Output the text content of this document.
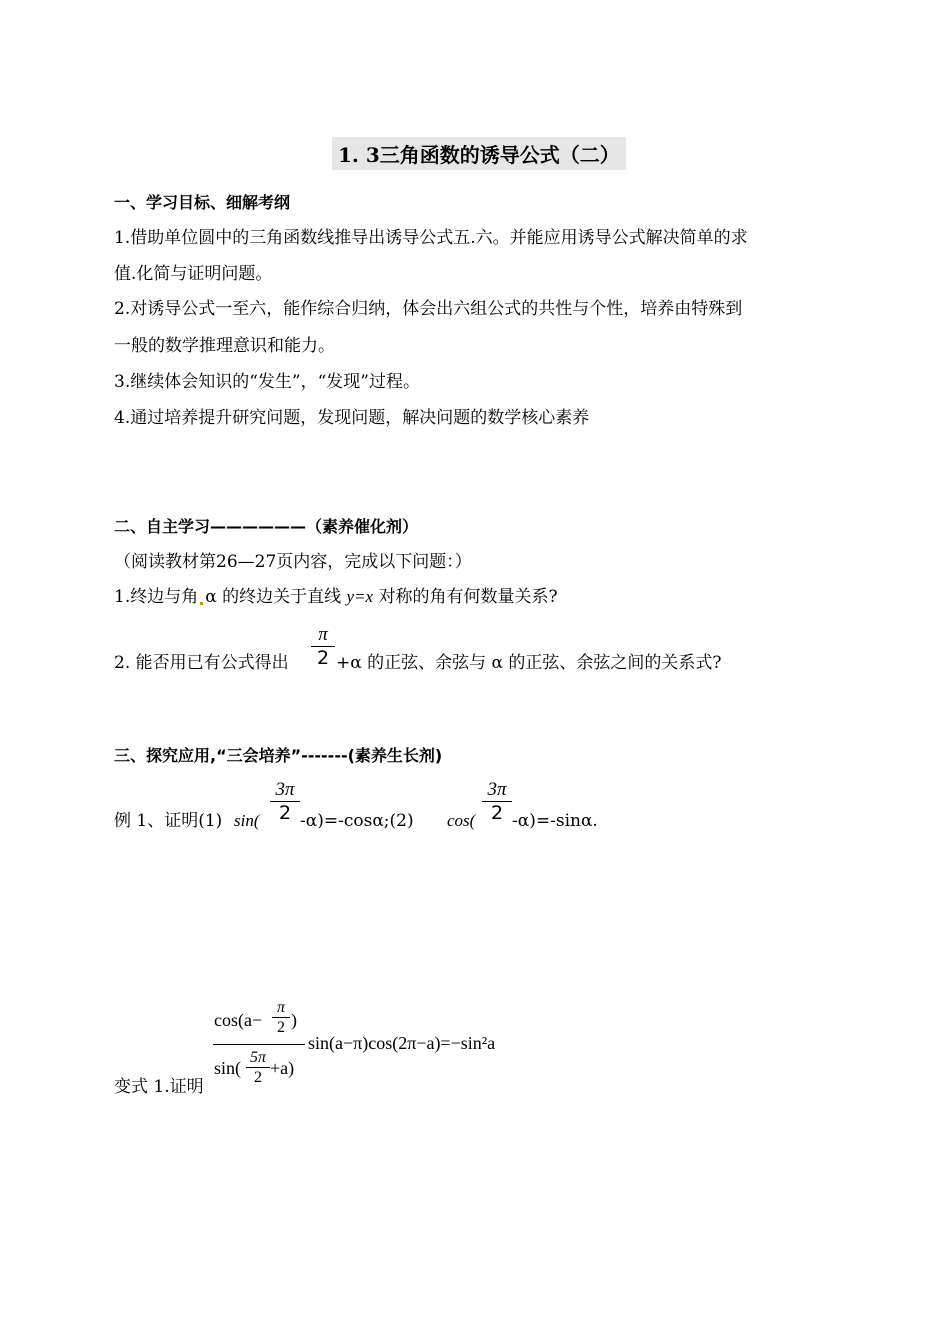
1. 3三角函数的诱导公式（二）
一、学习目标、细解考纲
1.借助单位圆中的三角函数线推导出诱导公式五.六。并能应用诱导公式解决简单的求
值.化简与证明问题。
2.对诱导公式一至六，能作综合归纳，体会出六组公式的共性与个性，培养由特殊到
一般的数学推理意识和能力。
3.继续体会知识的“发生”，“发现”过程。
4.通过培养提升研究问题，发现问题，解决问题的数学核心素养
二、自主学习——————（素养催化剂）
（阅读教材第26—27页内容，完成以下问题：）
1.终边与角 α 的终边关于直线 y=x 对称的角有何数量关系?
2. 能否用已有公式得出
π
2 +α 的正弦、余弦与 α 的正弦、余弦之间的关系式?
三、探究应用,“三会培养”-------(素养生长剂)
例 1、证明(1) sin(
3π
2 -α)=-cosα;(2) cos(
3π
2 -α)=-sinα.
变式 1.证明
cos(a−
π
2 )
sin(
5π
2 +a)
sin(a−π)cos(2π−a)=−sin²a
